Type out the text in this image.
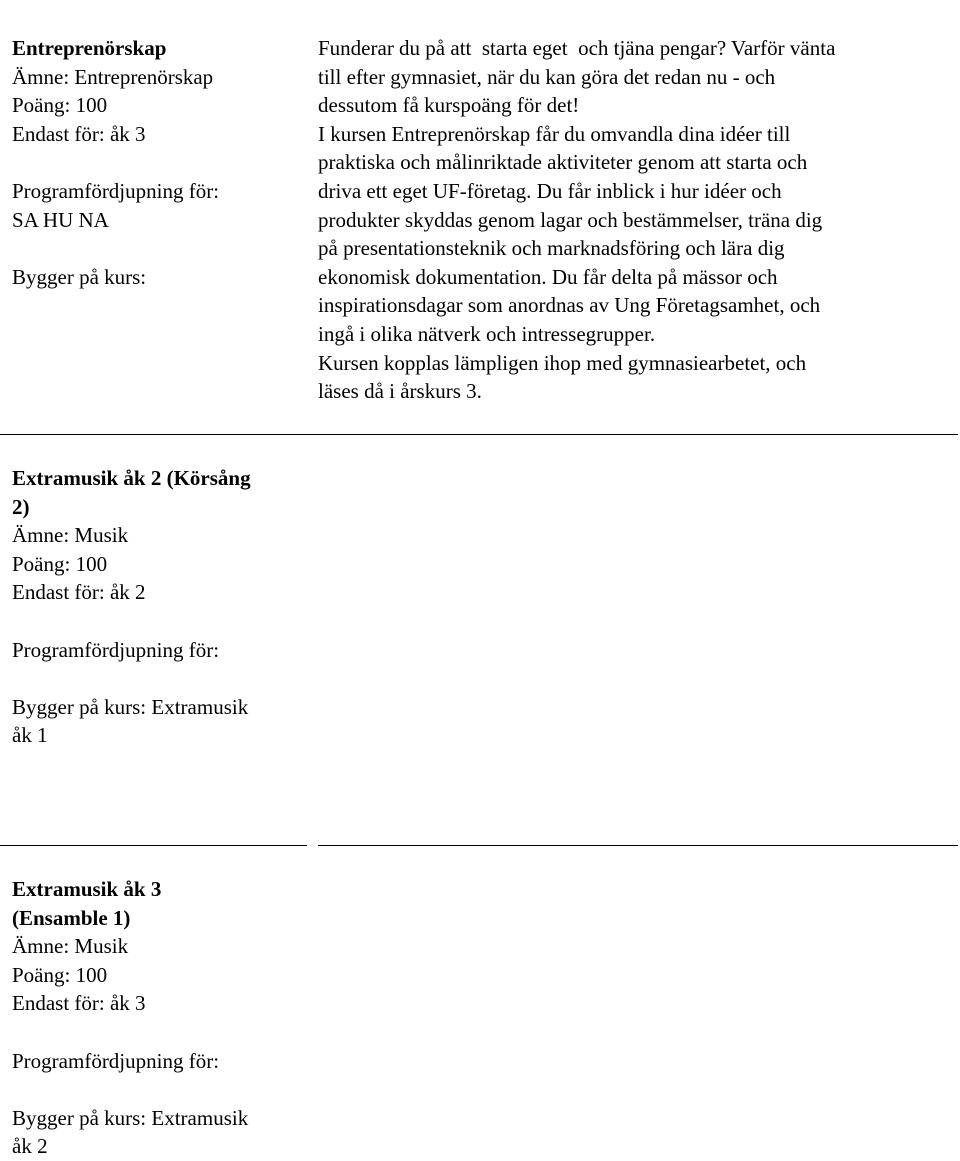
Entreprenörskap
Ämne: Entreprenörskap
Poäng: 100
Endast för: åk 3
Programfördjupning för:
SA HU NA
Bygger på kurs:
Funderar du på att  starta eget  och tjäna pengar? Varför vänta
till efter gymnasiet, när du kan göra det redan nu - och
dessutom få kurspoäng för det!
I kursen Entreprenörskap får du omvandla dina idéer till
praktiska och målinriktade aktiviteter genom att starta och
driva ett eget UF-företag. Du får inblick i hur idéer och
produkter skyddas genom lagar och bestämmelser, träna dig
på presentationsteknik och marknadsföring och lära dig
ekonomisk dokumentation. Du får delta på mässor och
inspirationsdagar som anordnas av Ung Företagsamhet, och
ingå i olika nätverk och intressegrupper.
Kursen kopplas lämpligen ihop med gymnasiearbetet, och
läses då i årskurs 3.
Extramusik åk 2 (Körsång
2)
Ämne: Musik
Poäng: 100
Endast för: åk 2
Programfördjupning för:
Bygger på kurs: Extramusik
åk 1
Extramusik åk 3
(Ensamble 1)
Ämne: Musik
Poäng: 100
Endast för: åk 3
Programfördjupning för:
Bygger på kurs: Extramusik
åk 2
